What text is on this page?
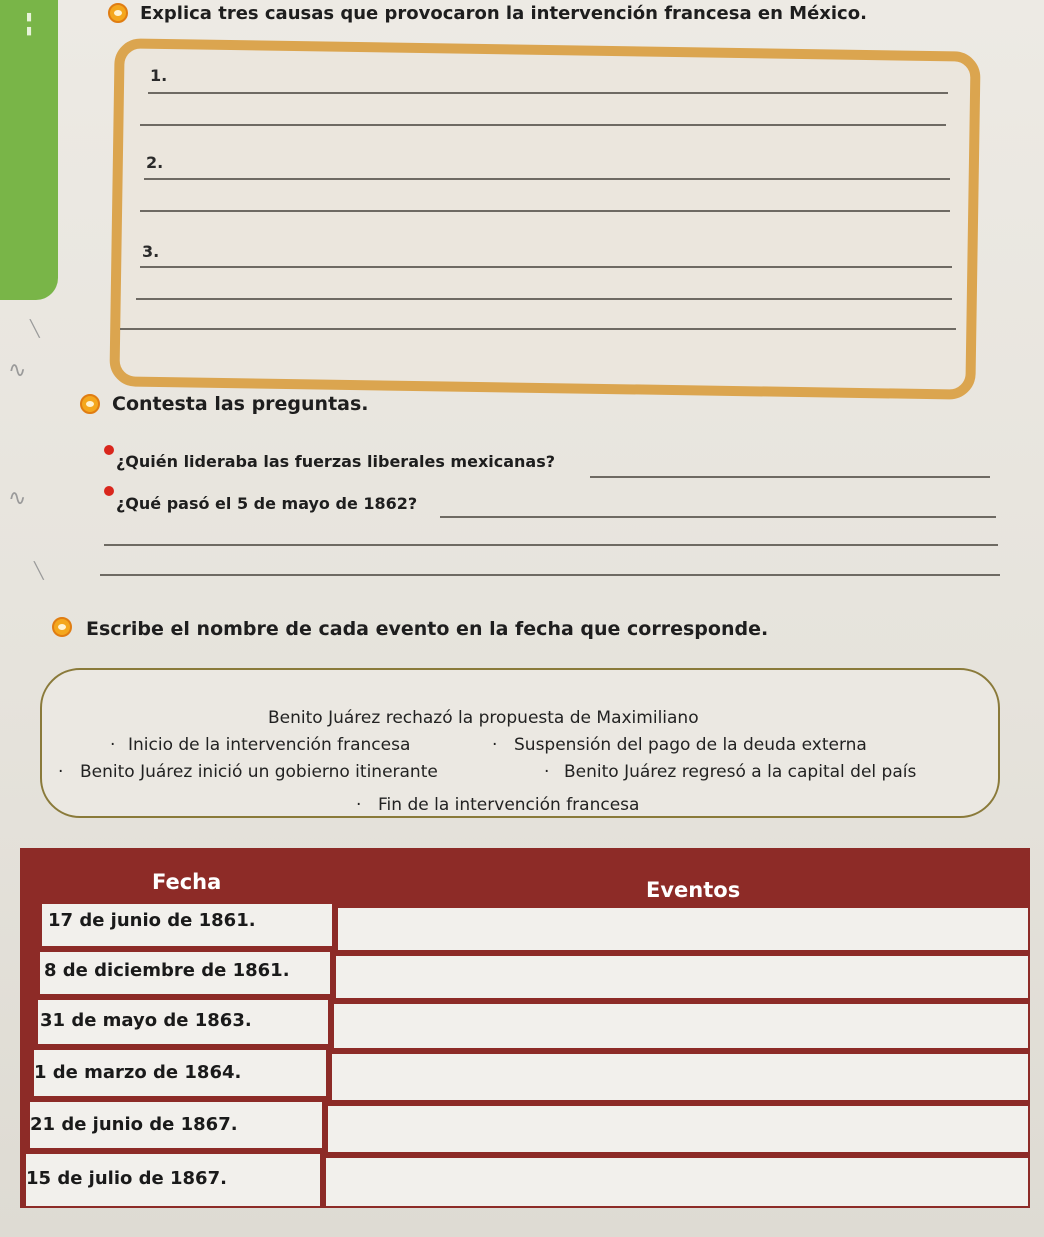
▮
▮
∿
∿
╲
╲
Explica tres causas que provocaron la intervención francesa en México.
1.
2.
3.
Contesta las preguntas.
¿Quién lideraba las fuerzas liberales mexicanas?
¿Qué pasó el 5 de mayo de 1862?
Escribe el nombre de cada evento en la fecha que corresponde.
Benito Juárez rechazó la propuesta de Maximiliano
· Inicio de la intervención francesa	· Suspensión del pago de la deuda externa
· Benito Juárez inició un gobierno itinerante	· Benito Juárez regresó a la capital del país
· Fin de la intervención francesa
Fecha	Eventos
17 de junio de 1861.
8 de diciembre de 1861.
31 de mayo de 1863.
1 de marzo de 1864.
21 de junio de 1867.
15 de julio de 1867.
